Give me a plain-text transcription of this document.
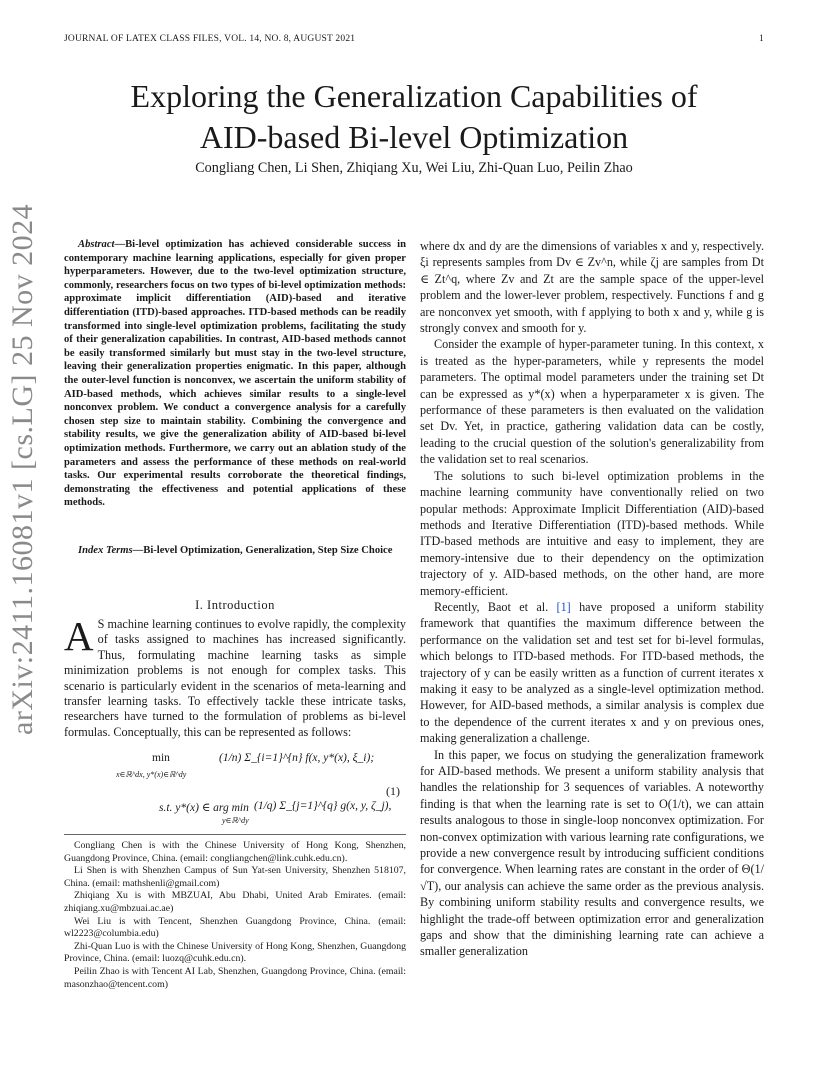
JOURNAL OF LATEX CLASS FILES, VOL. 14, NO. 8, AUGUST 2021	1
arXiv:2411.16081v1 [cs.LG] 25 Nov 2024
Exploring the Generalization Capabilities of
AID-based Bi-level Optimization
Congliang Chen, Li Shen, Zhiqiang Xu, Wei Liu, Zhi-Quan Luo, Peilin Zhao

Abstract—Bi-level optimization has achieved considerable success in contemporary machine learning applications, especially for given proper hyperparameters. However, due to the two-level optimization structure, commonly, researchers focus on two types of bi-level optimization methods: approximate implicit differentiation (AID)-based and iterative differentiation (ITD)-based approaches. ITD-based methods can be readily transformed into single-level optimization problems, facilitating the study of their generalization capabilities. In contrast, AID-based methods cannot be easily transformed similarly but must stay in the two-level structure, leaving their generalization properties enigmatic. In this paper, although the outer-level function is nonconvex, we ascertain the uniform stability of AID-based methods, which achieves similar results to a single-level nonconvex problem. We conduct a convergence analysis for a carefully chosen step size to maintain stability. Combining the convergence and stability results, we give the generalization ability of AID-based bi-level optimization methods. Furthermore, we carry out an ablation study of the parameters and assess the performance of these methods on real-world tasks. Our experimental results corroborate the theoretical findings, demonstrating the effectiveness and potential applications of these methods.

Index Terms—Bi-level Optimization, Generalization, Step Size Choice

I. Introduction

A S machine learning continues to evolve rapidly, the complexity of tasks assigned to machines has increased significantly. Thus, formulating machine learning tasks as simple minimization problems is not enough for complex tasks. This scenario is particularly evident in the scenarios of meta-learning and transfer learning tasks. To effectively tackle these intricate tasks, researchers have turned to the formulation of problems as bi-level formulas. Conceptually, this can be represented as follows:

min
x∈ℝ^dx, y*(x)∈ℝ^dy
(1/n) Σ_{i=1}^{n} f(x, y*(x), ξ_i);
s.t. y*(x) ∈ arg min
y∈ℝ^dy
(1/q) Σ_{j=1}^{q} g(x, y, ζ_j),
(1)

Congliang Chen is with the Chinese University of Hong Kong, Shenzhen, Guangdong Province, China. (email: congliangchen@link.cuhk.edu.cn).

Li Shen is with Shenzhen Campus of Sun Yat-sen University, Shenzhen 518107, China. (email: mathshenli@gmail.com)

Zhiqiang Xu is with MBZUAI, Abu Dhabi, United Arab Emirates. (email: zhiqiang.xu@mbzuai.ac.ae)

Wei Liu is with Tencent, Shenzhen Guangdong Province, China. (email: wl2223@columbia.edu)

Zhi-Quan Luo is with the Chinese University of Hong Kong, Shenzhen, Guangdong Province, China. (email: luozq@cuhk.edu.cn).

Peilin Zhao is with Tencent AI Lab, Shenzhen, Guangdong Province, China. (email: masonzhao@tencent.com)

where dx and dy are the dimensions of variables x and y, respectively. ξi represents samples from Dv ∈ Zv^n, while ζj are samples from Dt ∈ Zt^q, where Zv and Zt are the sample space of the upper-level problem and the lower-lever problem, respectively. Functions f and g are nonconvex yet smooth, with f applying to both x and y, while g is strongly convex and smooth for y.

Consider the example of hyper-parameter tuning. In this context, x is treated as the hyper-parameters, while y represents the model parameters. The optimal model parameters under the training set Dt can be expressed as y*(x) when a hyperparameter x is given. The performance of these parameters is then evaluated on the validation set Dv. Yet, in practice, gathering validation data can be costly, leading to the crucial question of the solution's generalizability from the validation set to real scenarios.

The solutions to such bi-level optimization problems in the machine learning community have conventionally relied on two popular methods: Approximate Implicit Differentiation (AID)-based methods and Iterative Differentiation (ITD)-based methods. While ITD-based methods are intuitive and easy to implement, they are memory-intensive due to their dependency on the optimization trajectory of y. AID-based methods, on the other hand, are more memory-efficient.

Recently, Baot et al. [1] have proposed a uniform stability framework that quantifies the maximum difference between the performance on the validation set and test set for bi-level formulas, which belongs to ITD-based methods. For ITD-based methods, the trajectory of y can be easily written as a function of current iterates x making it easy to be analyzed as a single-level optimization method. However, for AID-based methods, a similar analysis is complex due to the dependence of the current iterates x and y on previous ones, making generalization a challenge.

In this paper, we focus on studying the generalization framework for AID-based methods. We present a uniform stability analysis that handles the relationship for 3 sequences of variables. A noteworthy finding is that when the learning rate is set to O(1/t), we can attain results analogous to those in single-loop nonconvex optimization. For non-convex optimization with various learning rate configurations, we provide a new convergence result by introducing sufficient conditions for convergence. When learning rates are constant in the order of Θ(1/√T), our analysis can achieve the same order as the previous analysis. By combining uniform stability results and convergence results, we highlight the trade-off between optimization error and generalization gaps and show that the diminishing learning rate can achieve a smaller generalization
